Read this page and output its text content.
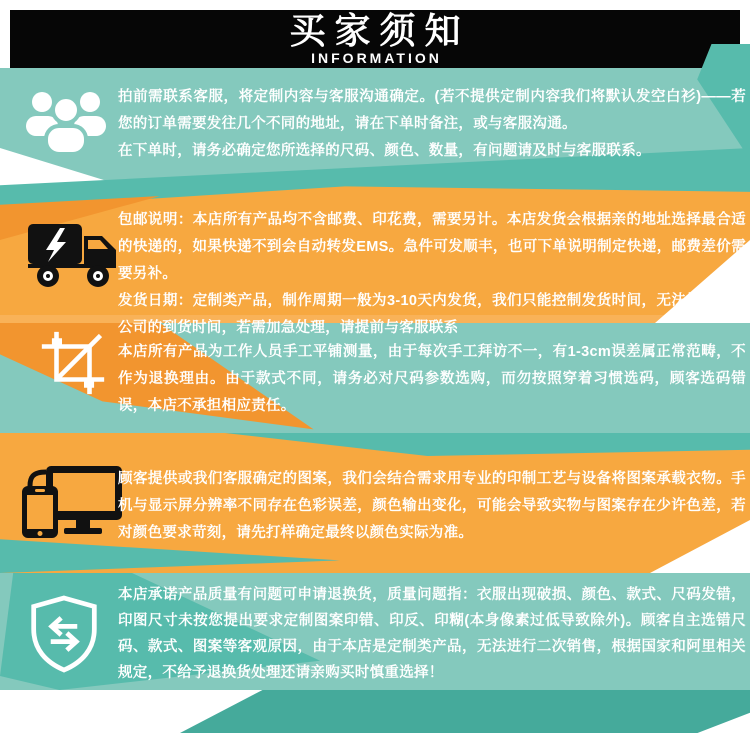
买家须知
INFORMATION

拍前需联系客服，将定制内容与客服沟通确定。(若不提供定制内容我们将默认发空白衫)——若您的订单需要发往几个不同的地址，请在下单时备注，或与客服沟通。

在下单时，请务必确定您所选择的尺码、颜色、数量，有问题请及时与客服联系。

包邮说明：本店所有产品均不含邮费、印花费，需要另计。本店发货会根据亲的地址选择最合适的快递的，如果快递不到会自动转发EMS。急件可发顺丰，也可下单说明制定快递，邮费差价需要另补。

发货日期：定制类产品，制作周期一般为3-10天内发货，我们只能控制发货时间，无法控制快递公司的到货时间，若需加急处理，请提前与客服联系

本店所有产品为工作人员手工平铺测量，由于每次手工拜访不一，有1-3cm误差属正常范畴，不作为退换理由。由于款式不同，请务必对尺码参数选购，而勿按照穿着习惯选码，顾客选码错误，本店不承担相应责任。

顾客提供或我们客服确定的图案，我们会结合需求用专业的印制工艺与设备将图案承载衣物。手机与显示屏分辨率不同存在色彩误差，颜色输出变化，可能会导致实物与图案存在少许色差，若对颜色要求苛刻，请先打样确定最终以颜色实际为准。

本店承诺产品质量有问题可申请退换货，质量问题指：衣服出现破损、颜色、款式、尺码发错，印图尺寸未按您提出要求定制图案印错、印反、印糊(本身像素过低导致除外)。顾客自主选错尺码、款式、图案等客观原因，由于本店是定制类产品，无法进行二次销售，根据国家和阿里相关规定，不给予退换货处理还请亲购买时慎重选择！
